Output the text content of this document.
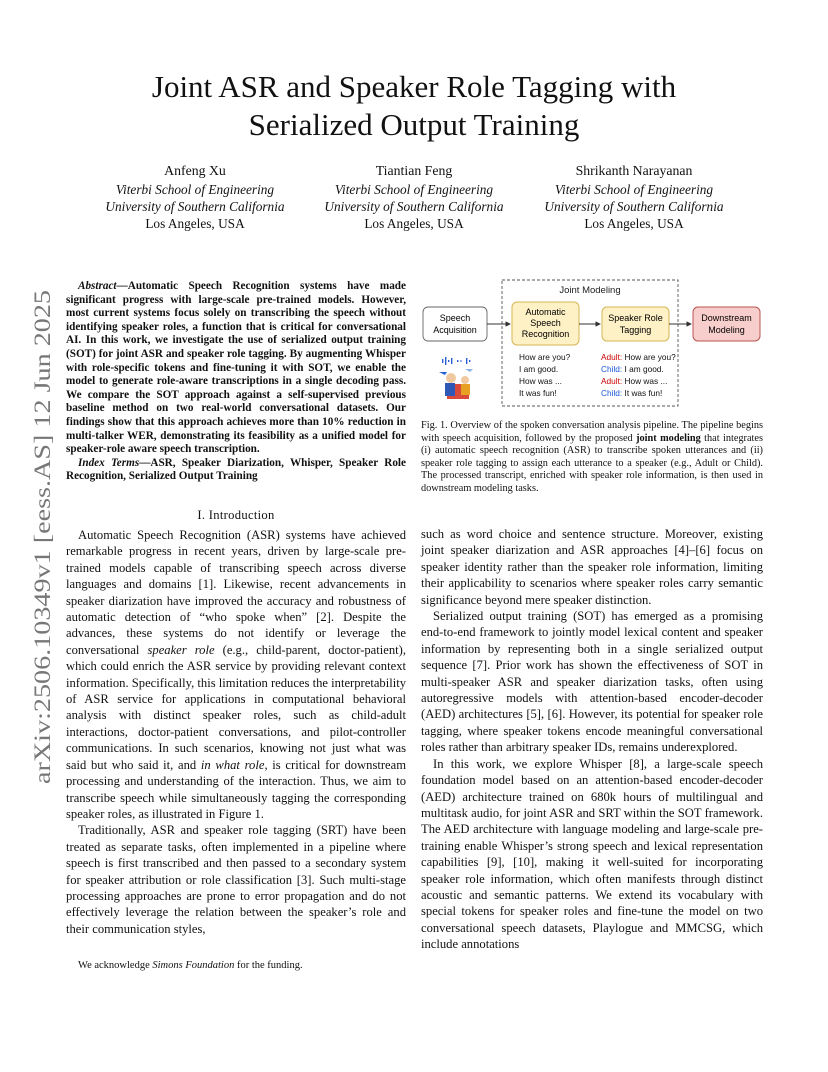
arXiv:2506.10349v1 [eess.AS] 12 Jun 2025
Joint ASR and Speaker Role Tagging with
Serialized Output Training
Anfeng Xu
Viterbi School of Engineering
University of Southern California
Los Angeles, USA
Tiantian Feng
Viterbi School of Engineering
University of Southern California
Los Angeles, USA
Shrikanth Narayanan
Viterbi School of Engineering
University of Southern California
Los Angeles, USA

Abstract—Automatic Speech Recognition systems have made significant progress with large-scale pre-trained models. However, most current systems focus solely on transcribing the speech without identifying speaker roles, a function that is critical for conversational AI. In this work, we investigate the use of serialized output training (SOT) for joint ASR and speaker role tagging. By augmenting Whisper with role-specific tokens and fine-tuning it with SOT, we enable the model to generate role-aware transcriptions in a single decoding pass. We compare the SOT approach against a self-supervised previous baseline method on two real-world conversational datasets. Our findings show that this approach achieves more than 10% reduction in multi-talker WER, demonstrating its feasibility as a unified model for speaker-role aware speech transcription.

Index Terms—ASR, Speaker Diarization, Whisper, Speaker Role Recognition, Serialized Output Training

I. Introduction

Automatic Speech Recognition (ASR) systems have achieved remarkable progress in recent years, driven by large-scale pre-trained models capable of transcribing speech across diverse languages and domains [1]. Likewise, recent advancements in speaker diarization have improved the accuracy and robustness of automatic detection of “who spoke when” [2]. Despite the advances, these systems do not identify or leverage the conversational speaker role (e.g., child-parent, doctor-patient), which could enrich the ASR service by providing relevant context information. Specifically, this limitation reduces the interpretability of ASR service for applications in computational behavioral analysis with distinct speaker roles, such as child-adult interactions, doctor-patient conversations, and pilot-controller communications. In such scenarios, knowing not just what was said but who said it, and in what role, is critical for downstream processing and understanding of the interaction. Thus, we aim to transcribe speech while simultaneously tagging the corresponding speaker roles, as illustrated in Figure 1.

Traditionally, ASR and speaker role tagging (SRT) have been treated as separate tasks, often implemented in a pipeline where speech is first transcribed and then passed to a secondary system for speaker attribution or role classification [3]. Such multi-stage processing approaches are prone to error propagation and do not effectively leverage the relation between the speaker’s role and their communication styles,

We acknowledge Simons Foundation for the funding.

Joint Modeling
Speech
Acquisition
Automatic
Speech
Recognition
Speaker Role
Tagging
Downstream
Modeling
How are you?
I am good.
How was ...
It was fun!
Adult: How are you?
Child: I am good.
Adult: How was ...
Child: It was fun!
Fig. 1. Overview of the spoken conversation analysis pipeline. The pipeline begins with speech acquisition, followed by the proposed joint modeling that integrates (i) automatic speech recognition (ASR) to transcribe spoken utterances and (ii) speaker role tagging to assign each utterance to a speaker (e.g., Adult or Child). The processed transcript, enriched with speaker role information, is then used in downstream modeling tasks.

such as word choice and sentence structure. Moreover, existing joint speaker diarization and ASR approaches [4]–[6] focus on speaker identity rather than the speaker role information, limiting their applicability to scenarios where speaker roles carry semantic significance beyond mere speaker distinction.

Serialized output training (SOT) has emerged as a promising end-to-end framework to jointly model lexical content and speaker information by representing both in a single serialized output sequence [7]. Prior work has shown the effectiveness of SOT in multi-speaker ASR and speaker diarization tasks, often using autoregressive models with attention-based encoder-decoder (AED) architectures [5], [6]. However, its potential for speaker role tagging, where speaker tokens encode meaningful conversational roles rather than arbitrary speaker IDs, remains underexplored.

In this work, we explore Whisper [8], a large-scale speech foundation model based on an attention-based encoder-decoder (AED) architecture trained on 680k hours of multilingual and multitask audio, for joint ASR and SRT within the SOT framework. The AED architecture with language modeling and large-scale pre-training enable Whisper’s strong speech and lexical representation capabilities [9], [10], making it well-suited for incorporating speaker role information, which often manifests through distinct acoustic and semantic patterns. We extend its vocabulary with special tokens for speaker roles and fine-tune the model on two conversational speech datasets, Playlogue and MMCSG, which include annotations
